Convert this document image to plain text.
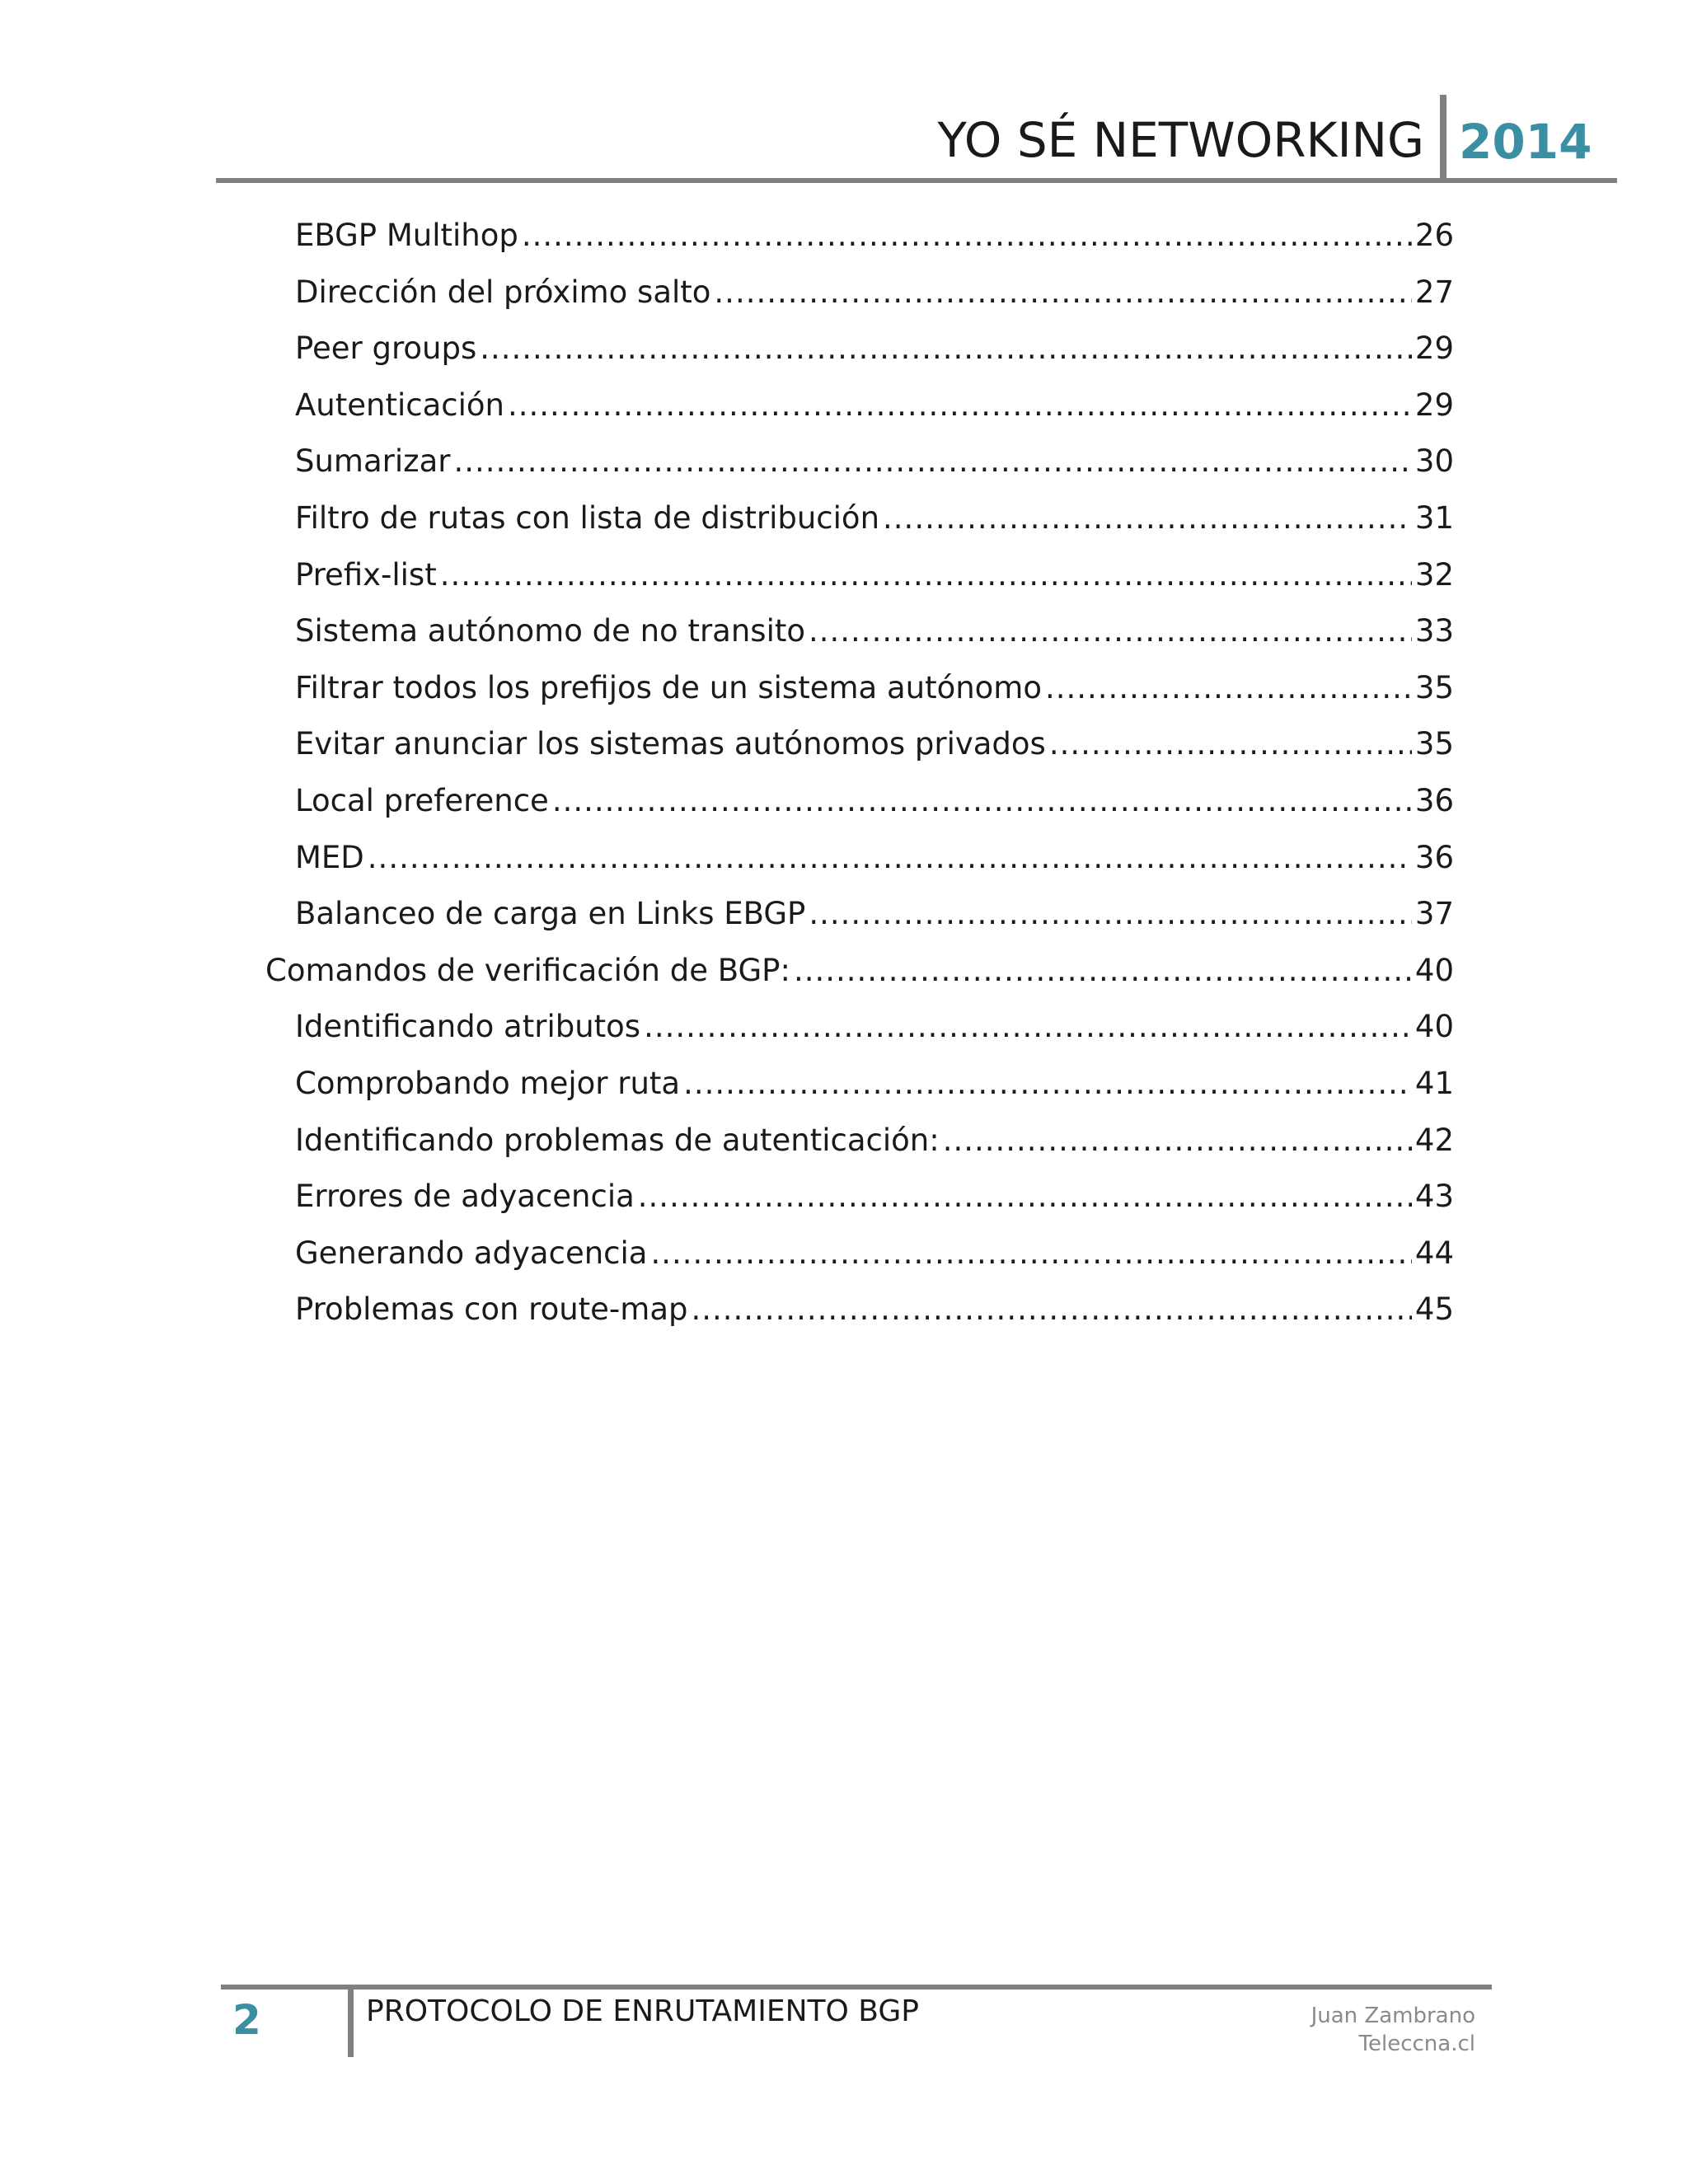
YO SÉ NETWORKING 2014
EBGP Multihop .....	26
Dirección del próximo salto .....	27
Peer groups .....	29
Autenticación .....	29
Sumarizar .....	30
Filtro de rutas con lista de distribución .....	31
Prefix-list .....	32
Sistema autónomo de no transito .....	33
Filtrar todos los prefijos de un sistema autónomo .....	35
Evitar anunciar los sistemas autónomos privados .....	35
Local preference .....	36
MED .....	36
Balanceo de carga en Links EBGP .....	37
Comandos de verificación de BGP: .....	40
Identificando atributos .....	40
Comprobando mejor ruta .....	41
Identificando problemas de autenticación: .....	42
Errores de adyacencia .....	43
Generando adyacencia .....	44
Problemas con route-map .....	45
2	PROTOCOLO DE ENRUTAMIENTO BGP	Juan Zambrano
Teleccna.cl
